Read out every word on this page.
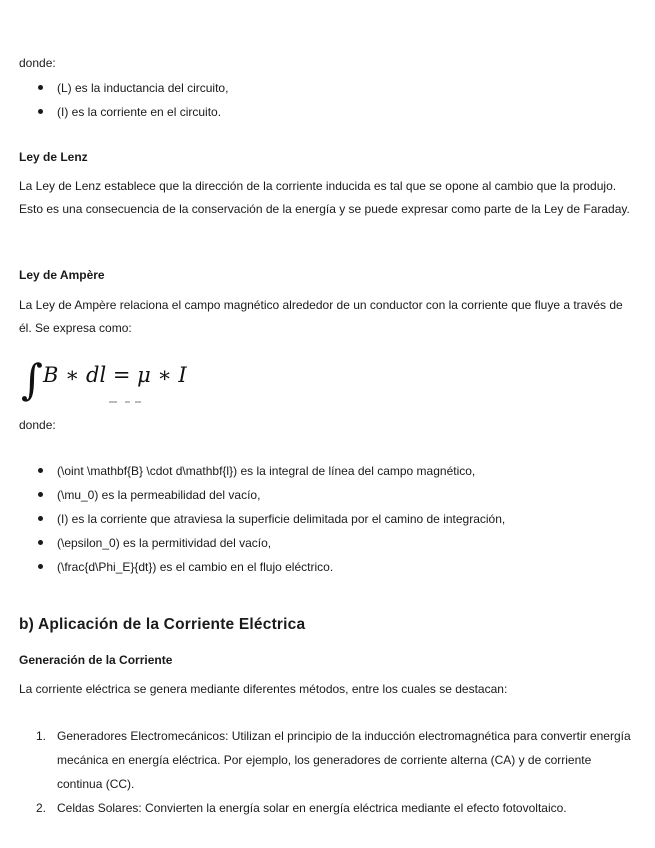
donde:

(L) es la inductancia del circuito,
(I) es la corriente en el circuito.
Ley de Lenz

La Ley de Lenz establece que la dirección de la corriente inducida es tal que se opone al cambio que la produjo. Esto es una consecuencia de la conservación de la energía y se puede expresar como parte de la Ley de Faraday.

Ley de Ampère

La Ley de Ampère relaciona el campo magnético alrededor de un conductor con la corriente que fluye a través de él. Se expresa como:

∫ B ∗ dl = μ ∗ I

donde:

(\oint \mathbf{B} \cdot d\mathbf{l}) es la integral de línea del campo magnético,
(\mu_0) es la permeabilidad del vacío,
(I) es la corriente que atraviesa la superficie delimitada por el camino de integración,
(\epsilon_0) es la permitividad del vacío,
(\frac{d\Phi_E}{dt}) es el cambio en el flujo eléctrico.
b) Aplicación de la Corriente Eléctrica
Generación de la Corriente

La corriente eléctrica se genera mediante diferentes métodos, entre los cuales se destacan:

1. Generadores Electromecánicos: Utilizan el principio de la inducción electromagnética para convertir energía mecánica en energía eléctrica. Por ejemplo, los generadores de corriente alterna (CA) y de corriente continua (CC).
2. Celdas Solares: Convierten la energía solar en energía eléctrica mediante el efecto fotovoltaico.
